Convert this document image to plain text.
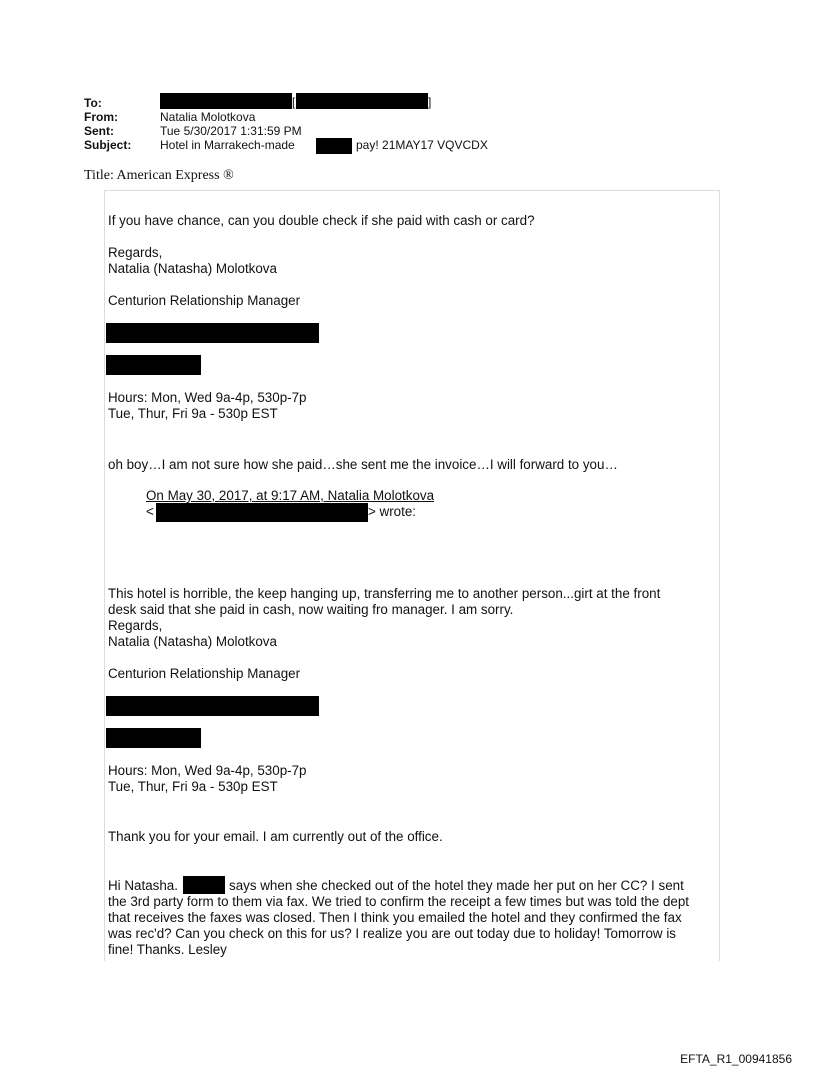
To:	[	]
From:	Natalia Molotkova
Sent:	Tue 5/30/2017 1:31:59 PM
Subject: Hotel in Marrakech-made	pay! 21MAY17 VQVCDX
Title: American Express ®
If you have chance, can you double check if she paid with cash or card?
Regards,
Natalia (Natasha) Molotkova
Centurion Relationship Manager
Hours: Mon, Wed 9a-4p, 530p-7p
Tue, Thur, Fri 9a - 530p EST
oh boy…I am not sure how she paid…she sent me the invoice…I will forward to you…
On May 30, 2017, at 9:17 AM, Natalia Molotkova
<	> wrote:
This hotel is horrible, the keep hanging up, transferring me to another person...girt at the front
desk said that she paid in cash, now waiting fro manager. I am sorry.
Regards,
Natalia (Natasha) Molotkova
Centurion Relationship Manager
Hours: Mon, Wed 9a-4p, 530p-7p
Tue, Thur, Fri 9a - 530p EST
Thank you for your email. I am currently out of the office.
Hi Natasha.	says when she checked out of the hotel they made her put on her CC? I sent
the 3rd party form to them via fax. We tried to confirm the receipt a few times but was told the dept
that receives the faxes was closed. Then I think you emailed the hotel and they confirmed the fax
was rec'd? Can you check on this for us? I realize you are out today due to holiday! Tomorrow is
fine! Thanks. Lesley
EFTA_R1_00941856
